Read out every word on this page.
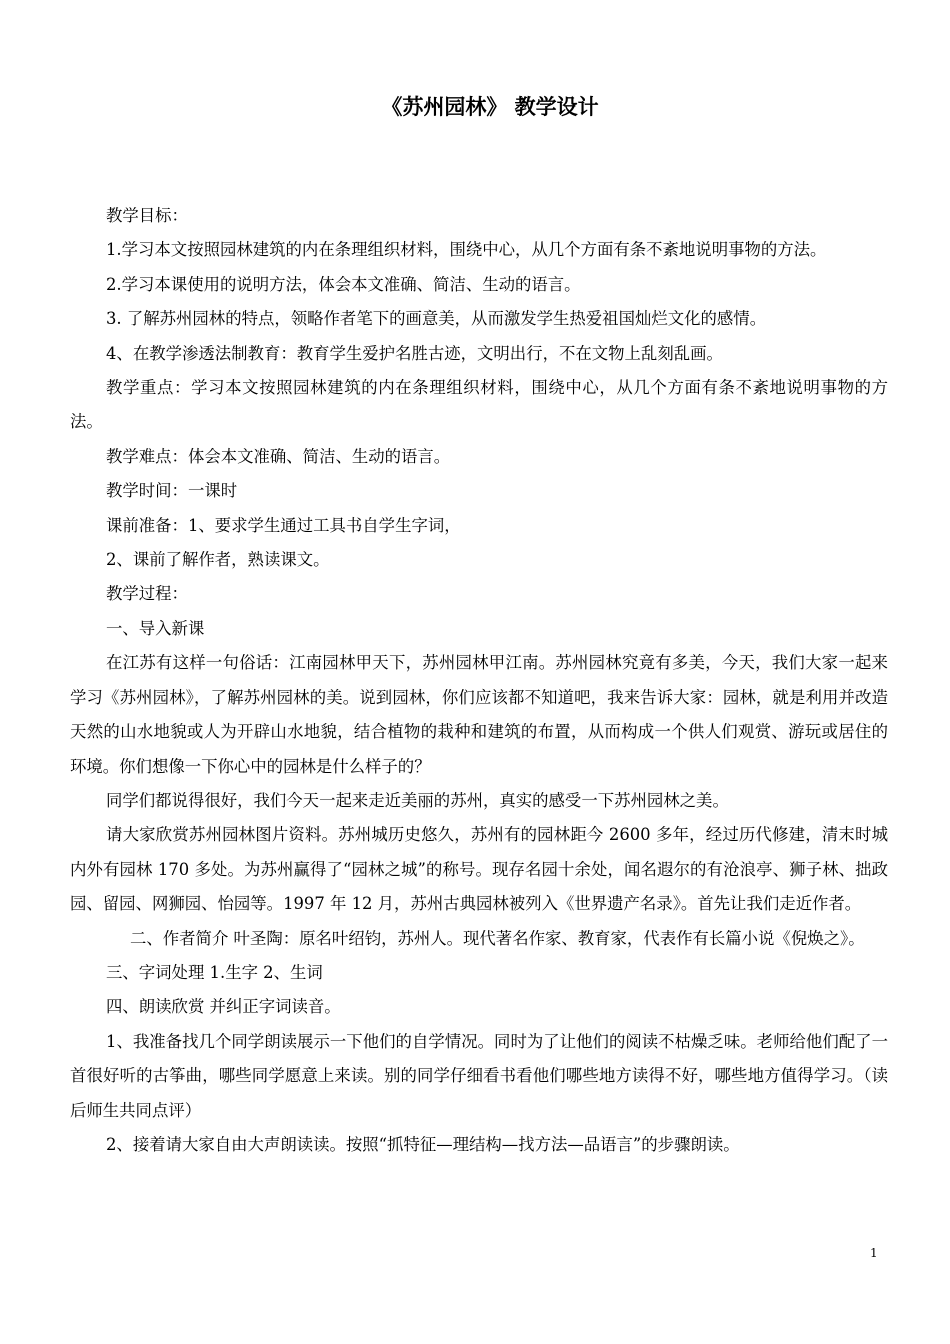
《苏州园林》 教学设计

教学目标：

1.学习本文按照园林建筑的内在条理组织材料，围绕中心，从几个方面有条不紊地说明事物的方法。

2.学习本课使用的说明方法，体会本文准确、简洁、生动的语言。

3. 了解苏州园林的特点，领略作者笔下的画意美，从而激发学生热爱祖国灿烂文化的感情。

4、在教学渗透法制教育：教育学生爱护名胜古迹，文明出行，不在文物上乱刻乱画。

教学重点：学习本文按照园林建筑的内在条理组织材料，围绕中心，从几个方面有条不紊地说明事物的方法。

教学难点：体会本文准确、简洁、生动的语言。

教学时间：一课时

课前准备：1、要求学生通过工具书自学生字词，

2、课前了解作者，熟读课文。

教学过程：

一、导入新课

在江苏有这样一句俗话：江南园林甲天下，苏州园林甲江南。苏州园林究竟有多美，今天，我们大家一起来学习《苏州园林》，了解苏州园林的美。说到园林，你们应该都不知道吧，我来告诉大家：园林，就是利用并改造天然的山水地貌或人为开辟山水地貌，结合植物的栽种和建筑的布置，从而构成一个供人们观赏、游玩或居住的环境。你们想像一下你心中的园林是什么样子的？

同学们都说得很好，我们今天一起来走近美丽的苏州，真实的感受一下苏州园林之美。

请大家欣赏苏州园林图片资料。苏州城历史悠久，苏州有的园林距今 2600 多年，经过历代修建，清末时城内外有园林 170 多处。为苏州赢得了“园林之城”的称号。现存名园十余处，闻名遐尔的有沧浪亭、狮子林、拙政园、留园、网狮园、怡园等。1997 年 12 月，苏州古典园林被列入《世界遗产名录》。首先让我们走近作者。

二、作者简介 叶圣陶：原名叶绍钧，苏州人。现代著名作家、教育家，代表作有长篇小说《倪焕之》。

三、字词处理 1.生字 2、生词

四、朗读欣赏 并纠正字词读音。

1、我准备找几个同学朗读展示一下他们的自学情况。同时为了让他们的阅读不枯燥乏味。老师给他们配了一首很好听的古筝曲，哪些同学愿意上来读。别的同学仔细看书看他们哪些地方读得不好，哪些地方值得学习。（读后师生共同点评）

2、接着请大家自由大声朗读读。按照“抓特征—理结构—找方法—品语言”的步骤朗读。

1
